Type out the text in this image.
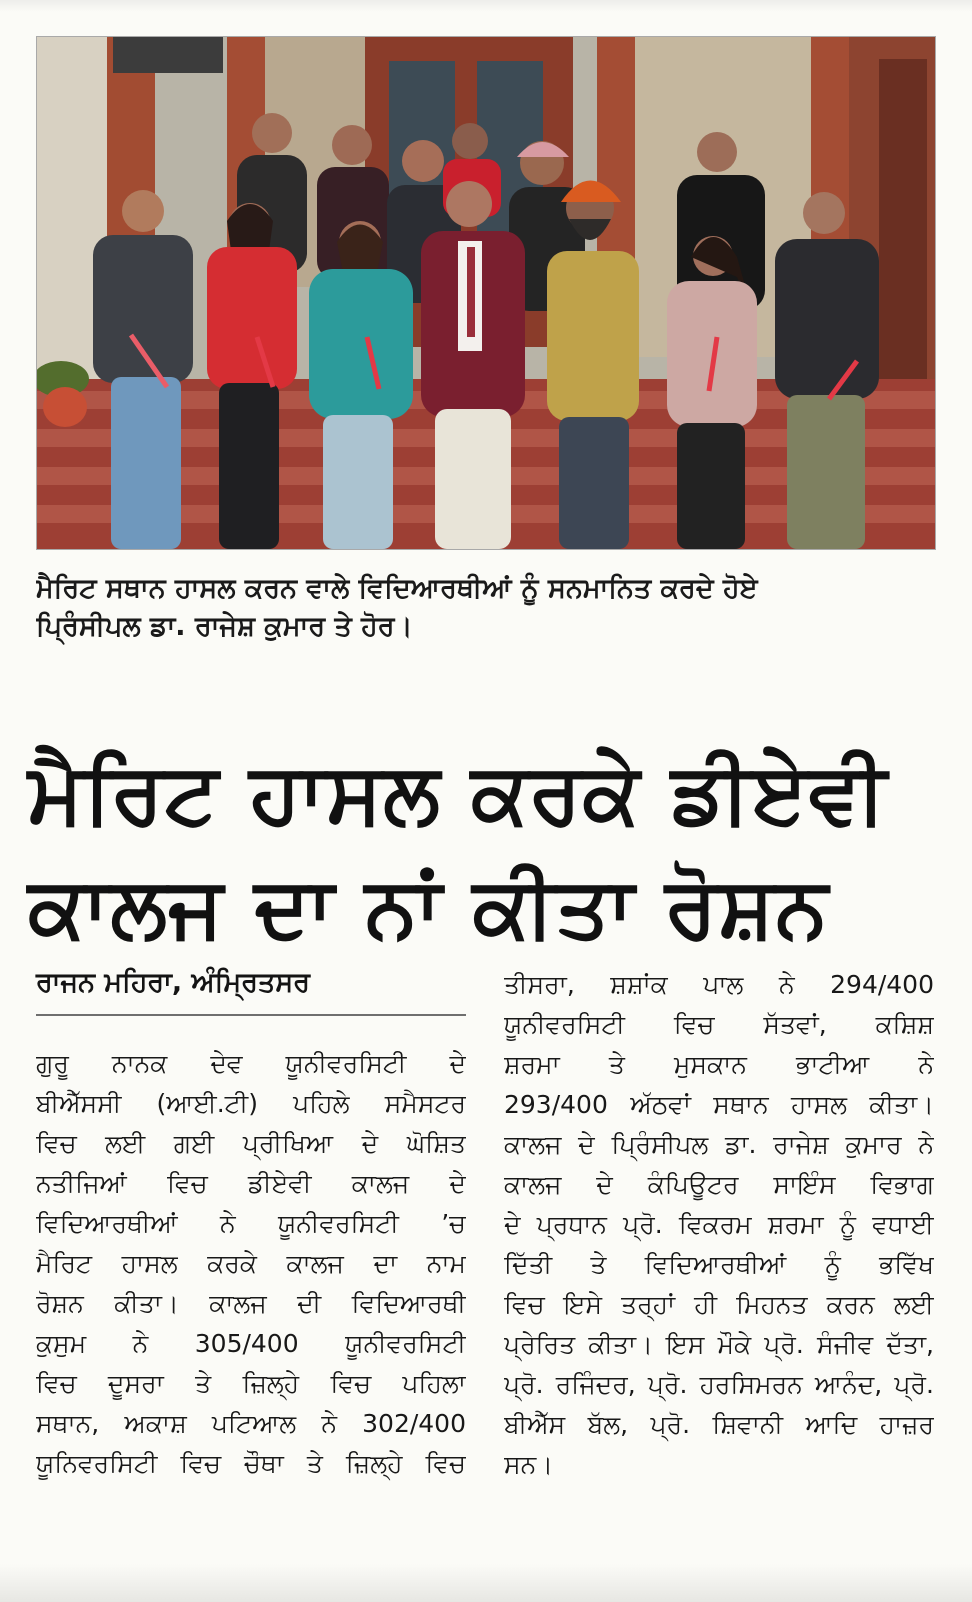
ਮੈਰਿਟ ਸਥਾਨ ਹਾਸਲ ਕਰਨ ਵਾਲੇ ਵਿਦਿਆਰਥੀਆਂ ਨੂੰ ਸਨਮਾਨਿਤ ਕਰਦੇ ਹੋਏ
ਪ੍ਰਿੰਸੀਪਲ ਡਾ. ਰਾਜੇਸ਼ ਕੁਮਾਰ ਤੇ ਹੋਰ।
ਮੈਰਿਟ ਹਾਸਲ ਕਰਕੇ ਡੀਏਵੀ
ਕਾਲਜ ਦਾ ਨਾਂ ਕੀਤਾ ਰੋਸ਼ਨ
ਰਾਜਨ ਮਹਿਰਾ, ਅੰਮ੍ਰਿਤਸਰ
ਗੁਰੂ ਨਾਨਕ ਦੇਵ ਯੂਨੀਵਰਸਿਟੀ ਦੇ
ਬੀਐੱਸਸੀ (ਆਈ.ਟੀ) ਪਹਿਲੇ ਸਮੈਸਟਰ
ਵਿਚ ਲਈ ਗਈ ਪ੍ਰੀਖਿਆ ਦੇ ਘੋਸ਼ਿਤ
ਨਤੀਜਿਆਂ ਵਿਚ ਡੀਏਵੀ ਕਾਲਜ ਦੇ
ਵਿਦਿਆਰਥੀਆਂ ਨੇ ਯੂਨੀਵਰਸਿਟੀ ’ਚ
ਮੈਰਿਟ ਹਾਸਲ ਕਰਕੇ ਕਾਲਜ ਦਾ ਨਾਮ
ਰੋਸ਼ਨ ਕੀਤਾ। ਕਾਲਜ ਦੀ ਵਿਦਿਆਰਥੀ
ਕੁਸੁਮ ਨੇ 305/400 ਯੂਨੀਵਰਸਿਟੀ
ਵਿਚ ਦੂਸਰਾ ਤੇ ਜ਼ਿਲ੍ਹੇ ਵਿਚ ਪਹਿਲਾ
ਸਥਾਨ, ਅਕਾਸ਼ ਪਟਿਆਲ ਨੇ 302/400
ਯੂਨਿਵਰਸਿਟੀ ਵਿਚ ਚੌਥਾ ਤੇ ਜ਼ਿਲ੍ਹੇ ਵਿਚ
ਤੀਸਰਾ, ਸ਼ਸ਼ਾਂਕ ਪਾਲ ਨੇ 294/400
ਯੂਨੀਵਰਸਿਟੀ ਵਿਚ ਸੱਤਵਾਂ, ਕਸ਼ਿਸ਼
ਸ਼ਰਮਾ ਤੇ ਮੁਸਕਾਨ ਭਾਟੀਆ ਨੇ
293/400 ਅੱਠਵਾਂ ਸਥਾਨ ਹਾਸਲ ਕੀਤਾ।
ਕਾਲਜ ਦੇ ਪ੍ਰਿੰਸੀਪਲ ਡਾ. ਰਾਜੇਸ਼ ਕੁਮਾਰ ਨੇ
ਕਾਲਜ ਦੇ ਕੰਪਿਊਟਰ ਸਾਇੰਸ ਵਿਭਾਗ
ਦੇ ਪ੍ਰਧਾਨ ਪ੍ਰੋ. ਵਿਕਰਮ ਸ਼ਰਮਾ ਨੂੰ ਵਧਾਈ
ਦਿੱਤੀ ਤੇ ਵਿਦਿਆਰਥੀਆਂ ਨੂੰ ਭਵਿੱਖ
ਵਿਚ ਇਸੇ ਤਰ੍ਹਾਂ ਹੀ ਮਿਹਨਤ ਕਰਨ ਲਈ
ਪ੍ਰੇਰਿਤ ਕੀਤਾ। ਇਸ ਮੌਕੇ ਪ੍ਰੋ. ਸੰਜੀਵ ਦੱਤਾ,
ਪ੍ਰੋ. ਰਜਿੰਦਰ, ਪ੍ਰੋ. ਹਰਸਿਮਰਨ ਆਨੰਦ, ਪ੍ਰੋ.
ਬੀਐੱਸ ਬੱਲ, ਪ੍ਰੋ. ਸ਼ਿਵਾਨੀ ਆਦਿ ਹਾਜ਼ਰ
ਸਨ।
